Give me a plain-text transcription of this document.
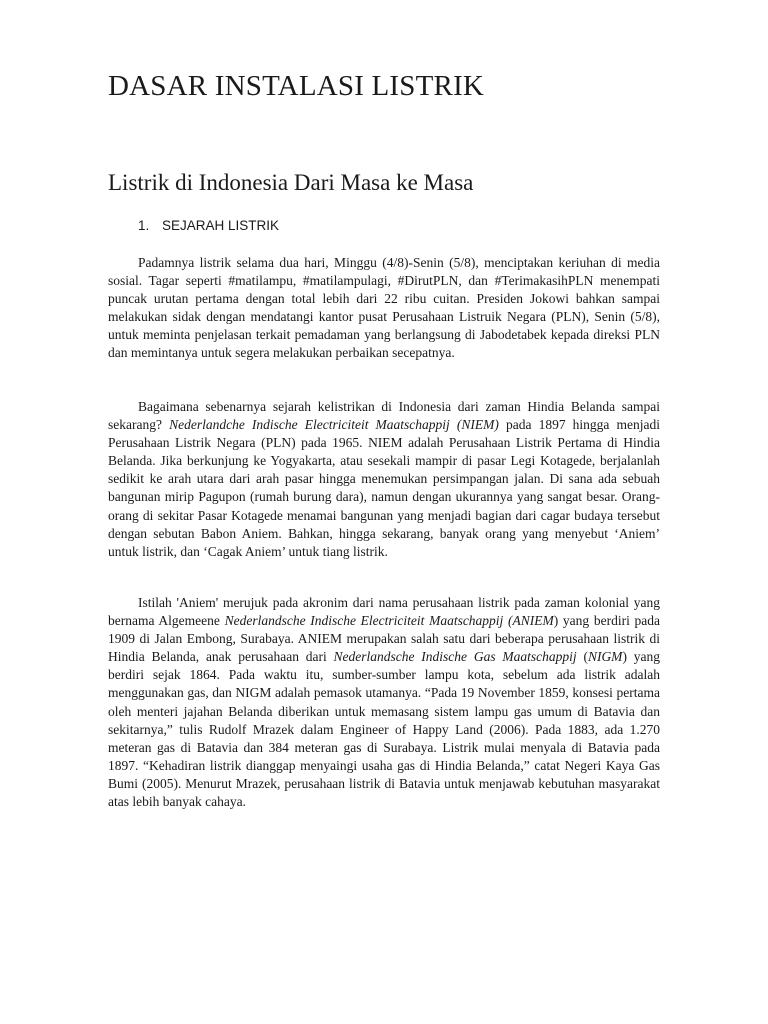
DASAR INSTALASI LISTRIK
Listrik di Indonesia Dari Masa ke Masa
1. SEJARAH LISTRIK

Padamnya listrik selama dua hari, Minggu (4/8)-Senin (5/8), menciptakan keriuhan di media sosial. Tagar seperti #matilampu, #matilampulagi, #DirutPLN, dan #TerimakasihPLN menempati puncak urutan pertama dengan total lebih dari 22 ribu cuitan. Presiden Jokowi bahkan sampai melakukan sidak dengan mendatangi kantor pusat Perusahaan Listruik Negara (PLN), Senin (5/8), untuk meminta penjelasan terkait pemadaman yang berlangsung di Jabodetabek kepada direksi PLN dan memintanya untuk segera melakukan perbaikan secepatnya.

Bagaimana sebenarnya sejarah kelistrikan di Indonesia dari zaman Hindia Belanda sampai sekarang? Nederlandche Indische Electriciteit Maatschappij (NIEM) pada 1897 hingga menjadi Perusahaan Listrik Negara (PLN) pada 1965. NIEM adalah Perusahaan Listrik Pertama di Hindia Belanda. Jika berkunjung ke Yogyakarta, atau sesekali mampir di pasar Legi Kotagede, berjalanlah sedikit ke arah utara dari arah pasar hingga menemukan persimpangan jalan. Di sana ada sebuah bangunan mirip Pagupon (rumah burung dara), namun dengan ukurannya yang sangat besar. Orang-orang di sekitar Pasar Kotagede menamai bangunan yang menjadi bagian dari cagar budaya tersebut dengan sebutan Babon Aniem. Bahkan, hingga sekarang, banyak orang yang menyebut ‘Aniem’ untuk listrik, dan ‘Cagak Aniem’ untuk tiang listrik.

Istilah 'Aniem' merujuk pada akronim dari nama perusahaan listrik pada zaman kolonial yang bernama Algemeene Nederlandsche Indische Electriciteit Maatschappij (ANIEM) yang berdiri pada 1909 di Jalan Embong, Surabaya. ANIEM merupakan salah satu dari beberapa perusahaan listrik di Hindia Belanda, anak perusahaan dari Nederlandsche Indische Gas Maatschappij (NIGM) yang berdiri sejak 1864. Pada waktu itu, sumber-sumber lampu kota, sebelum ada listrik adalah menggunakan gas, dan NIGM adalah pemasok utamanya. “Pada 19 November 1859, konsesi pertama oleh menteri jajahan Belanda diberikan untuk memasang sistem lampu gas umum di Batavia dan sekitarnya,” tulis Rudolf Mrazek dalam Engineer of Happy Land (2006). Pada 1883, ada 1.270 meteran gas di Batavia dan 384 meteran gas di Surabaya. Listrik mulai menyala di Batavia pada 1897. “Kehadiran listrik dianggap menyaingi usaha gas di Hindia Belanda,” catat Negeri Kaya Gas Bumi (2005). Menurut Mrazek, perusahaan listrik di Batavia untuk menjawab kebutuhan masyarakat atas lebih banyak cahaya.
